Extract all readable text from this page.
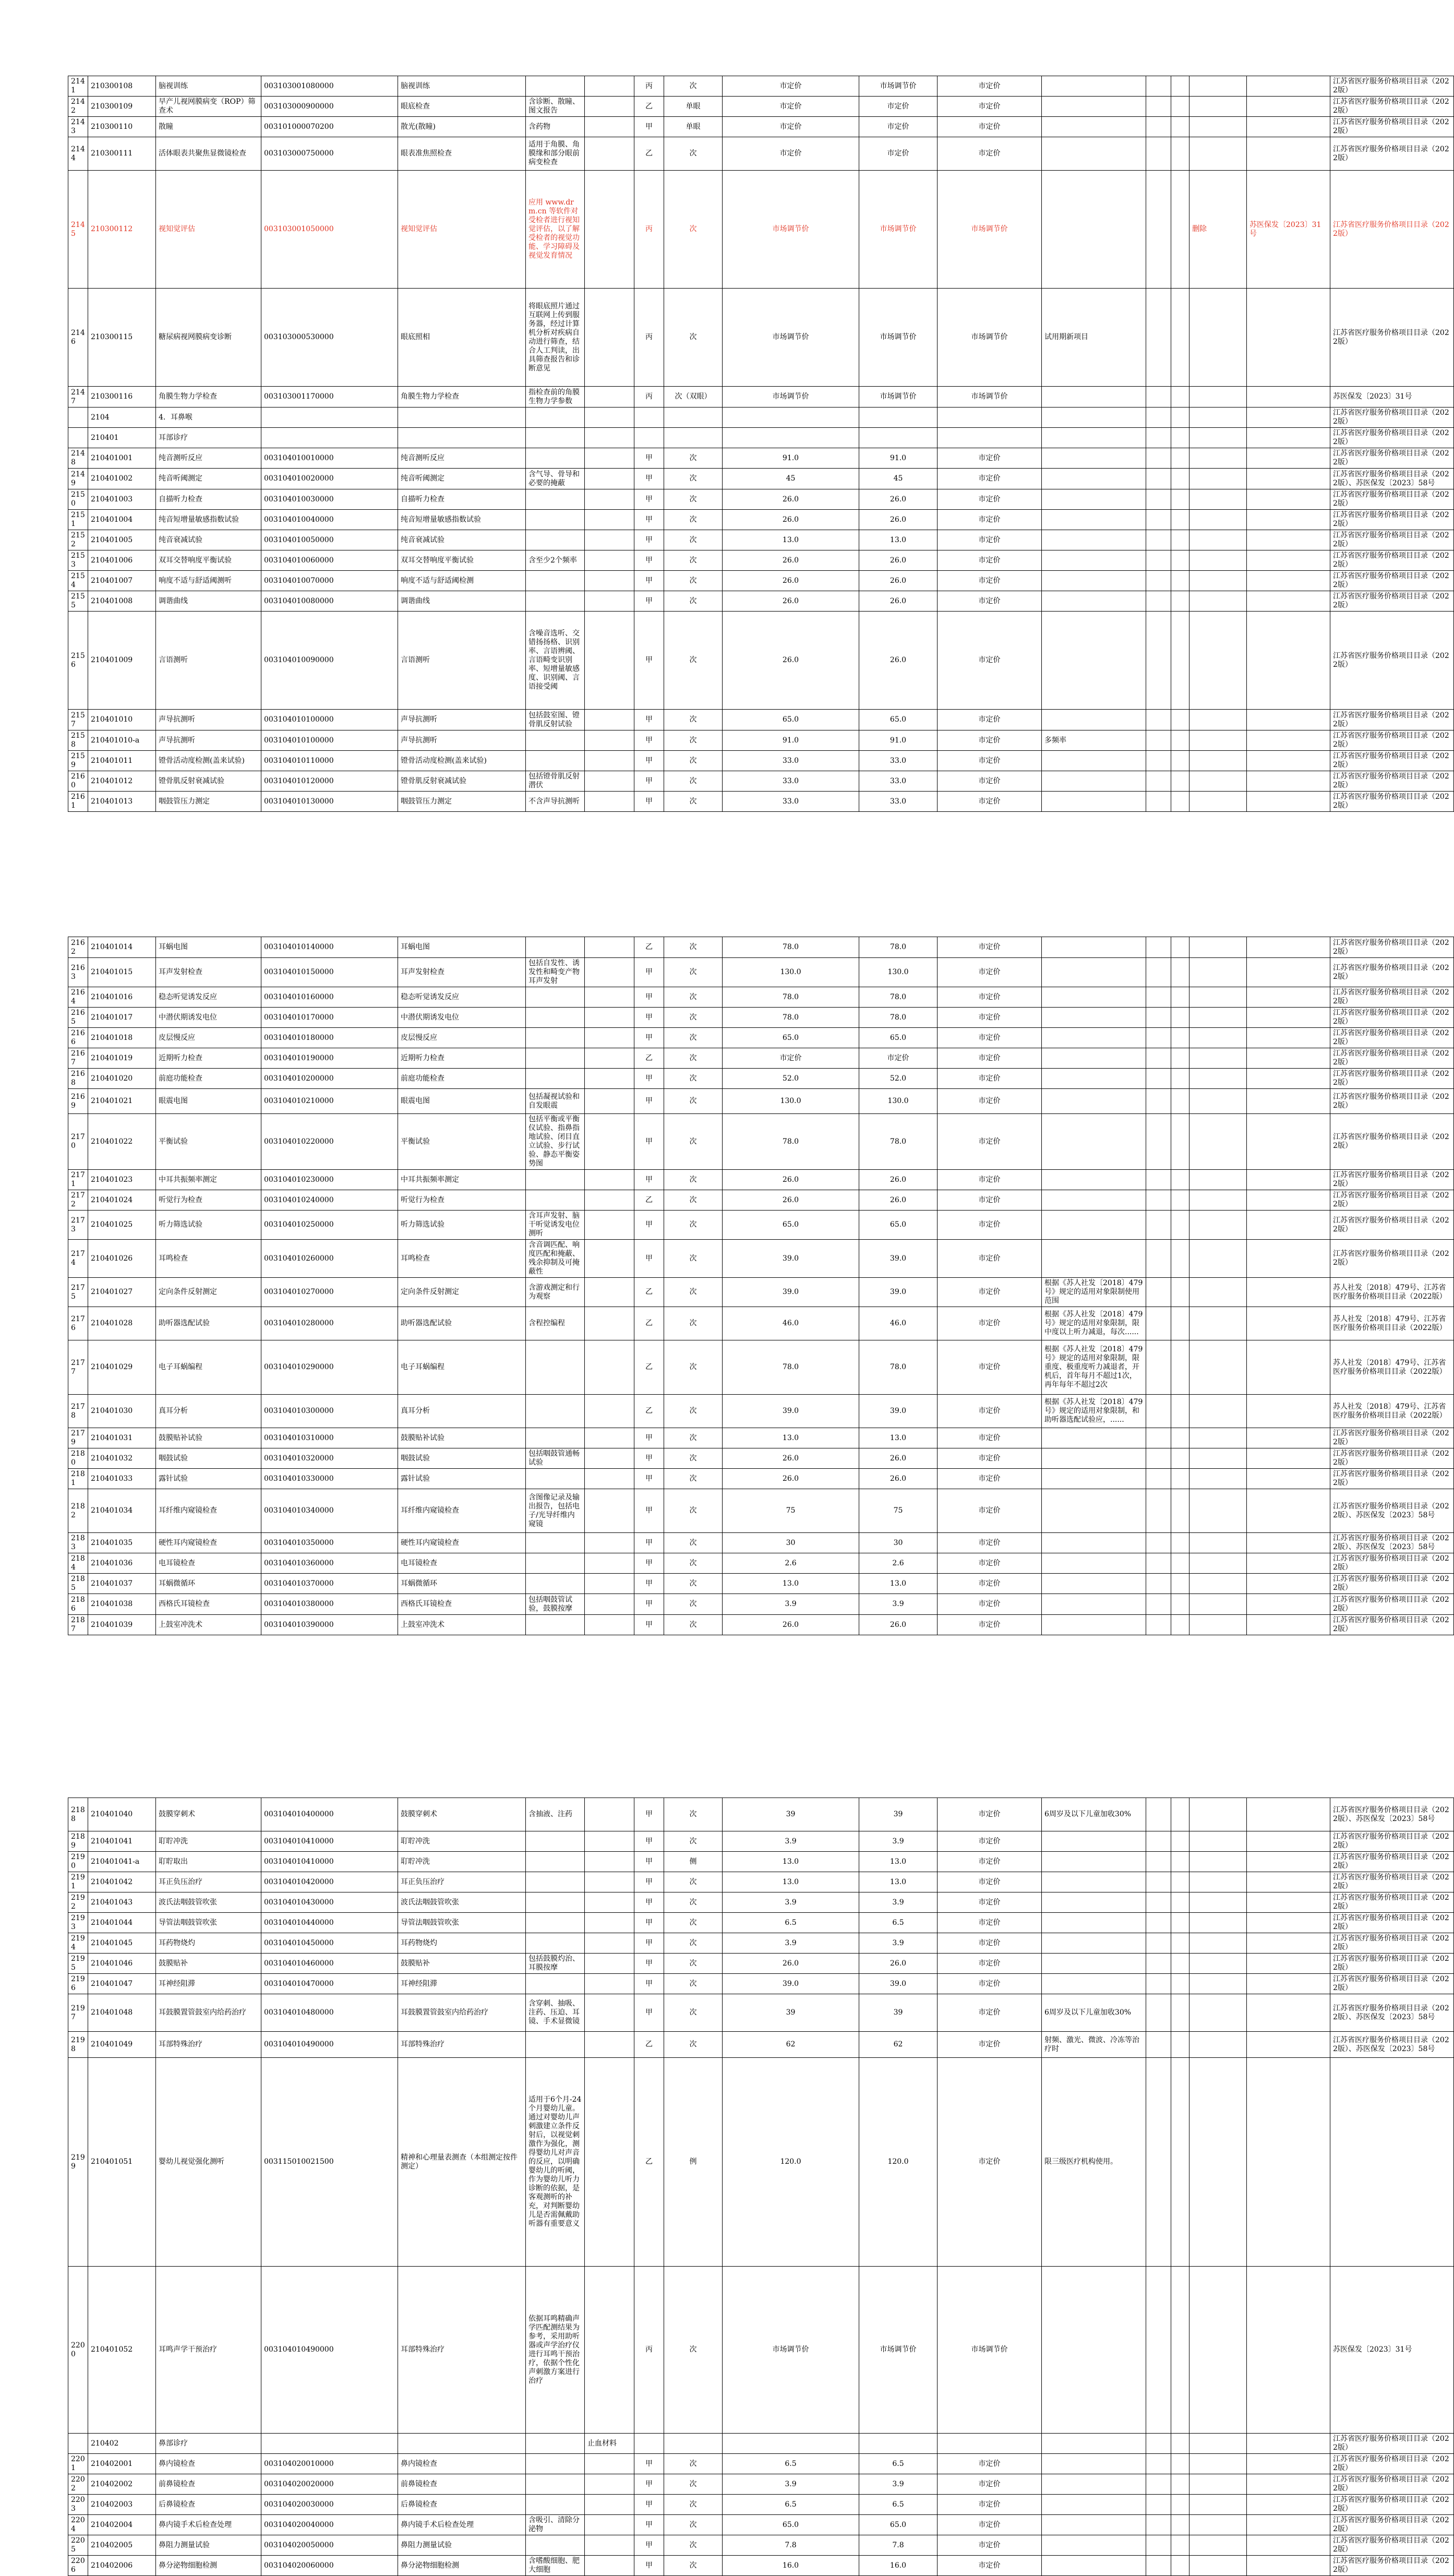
2141	210300108	脑视训练	003103001080000	脑视训练			丙	次	市定价	市场调节价	市定价						江苏省医疗服务价格项目目录（2022版）
2142	210300109	早产儿视网膜病变（ROP）筛查术	003103000900000	眼底检查	含诊断、散瞳、图文报告		乙	单眼	市定价	市定价	市定价						江苏省医疗服务价格项目目录（2022版）
2143	210300110	散瞳	003101000070200	散光(散瞳)	含药物		甲	单眼	市定价	市定价	市定价						江苏省医疗服务价格项目目录（2022版）
2144	210300111	活体眼表共聚焦显微镜检查	003103000750000	眼表准焦照检查	适用于角膜、角膜缘和部分眼前病变检查		乙	次	市定价	市定价	市定价						江苏省医疗服务价格项目目录（2022版）
2145	210300112	视知觉评估	003103001050000	视知觉评估	应用 www.drm.cn 等软件对受检者进行视知觉评估，以了解受检者的视觉功能、学习障碍及视觉发育情况		丙	次	市场调节价	市场调节价	市场调节价				删除	苏医保发〔2023〕31号	江苏省医疗服务价格项目目录（2022版）
2146	210300115	糖尿病视网膜病变诊断	003103000530000	眼底照相	将眼底照片通过互联网上传到服务器，经过计算机分析对疾病自动进行筛查，结合人工判读，出具筛查报告和诊断意见		丙	次	市场调节价	市场调节价	市场调节价	试用期新项目					江苏省医疗服务价格项目目录（2022版）
2147	210300116	角膜生物力学检查	003103001170000	角膜生物力学检查	指检查前的角膜生物力学参数		丙	次（双眼）	市场调节价	市场调节价	市场调节价						苏医保发〔2023〕31号
	2104	4．耳鼻喉															江苏省医疗服务价格项目目录（2022版）
	210401	耳部诊疗															江苏省医疗服务价格项目目录（2022版）
2148	210401001	纯音测听反应	003104010010000	纯音测听反应			甲	次	91.0	91.0	市定价						江苏省医疗服务价格项目目录（2022版）
2149	210401002	纯音听阈测定	003104010020000	纯音听阈测定	含气导、骨导和必要的掩蔽		甲	次	45	45	市定价						江苏省医疗服务价格项目目录（2022版）、苏医保发〔2023〕58号
2150	210401003	自描听力检查	003104010030000	自描听力检查			甲	次	26.0	26.0	市定价						江苏省医疗服务价格项目目录（2022版）
2151	210401004	纯音短增量敏感指数试验	003104010040000	纯音短增量敏感指数试验			甲	次	26.0	26.0	市定价						江苏省医疗服务价格项目目录（2022版）
2152	210401005	纯音衰减试验	003104010050000	纯音衰减试验			甲	次	13.0	13.0	市定价						江苏省医疗服务价格项目目录（2022版）
2153	210401006	双耳交替响度平衡试验	003104010060000	双耳交替响度平衡试验	含至少2个频率		甲	次	26.0	26.0	市定价						江苏省医疗服务价格项目目录（2022版）
2154	210401007	响度不适与舒适阈测听	003104010070000	响度不适与舒适阈检测			甲	次	26.0	26.0	市定价						江苏省医疗服务价格项目目录（2022版）
2155	210401008	调谐曲线	003104010080000	调谐曲线			甲	次	26.0	26.0	市定价						江苏省医疗服务价格项目目录（2022版）
2156	210401009	言语测听	003104010090000	言语测听	含噪音选听、交错扬扬格、识别率、言语辨阈、言语畸变识别率、短增量敏感度、识别阈、言语接受阈		甲	次	26.0	26.0	市定价						江苏省医疗服务价格项目目录（2022版）
2157	210401010	声导抗测听	003104010100000	声导抗测听	包括鼓室图、镫骨肌反射试验		甲	次	65.0	65.0	市定价						江苏省医疗服务价格项目目录（2022版）
2158	210401010-a	声导抗测听	003104010100000	声导抗测听			甲	次	91.0	91.0	市定价	多频率					江苏省医疗服务价格项目目录（2022版）
2159	210401011	镫骨活动度检测(盖来试验)	003104010110000	镫骨活动度检测(盖来试验)			甲	次	33.0	33.0	市定价						江苏省医疗服务价格项目目录（2022版）
2160	210401012	镫骨肌反射衰减试验	003104010120000	镫骨肌反射衰减试验	包括镫骨肌反射潜伏		甲	次	33.0	33.0	市定价						江苏省医疗服务价格项目目录（2022版）
2161	210401013	咽鼓管压力测定	003104010130000	咽鼓管压力测定	不含声导抗测听		甲	次	33.0	33.0	市定价						江苏省医疗服务价格项目目录（2022版）
2162	210401014	耳蜗电图	003104010140000	耳蜗电图			乙	次	78.0	78.0	市定价						江苏省医疗服务价格项目目录（2022版）
2163	210401015	耳声发射检查	003104010150000	耳声发射检查	包括自发性、诱发性和畸变产物耳声发射		甲	次	130.0	130.0	市定价						江苏省医疗服务价格项目目录（2022版）
2164	210401016	稳态听觉诱发反应	003104010160000	稳态听觉诱发反应			甲	次	78.0	78.0	市定价						江苏省医疗服务价格项目目录（2022版）
2165	210401017	中潜伏期诱发电位	003104010170000	中潜伏期诱发电位			甲	次	78.0	78.0	市定价						江苏省医疗服务价格项目目录（2022版）
2166	210401018	皮层慢反应	003104010180000	皮层慢反应			甲	次	65.0	65.0	市定价						江苏省医疗服务价格项目目录（2022版）
2167	210401019	近期听力检查	003104010190000	近期听力检查			乙	次	市定价	市定价	市定价						江苏省医疗服务价格项目目录（2022版）
2168	210401020	前庭功能检查	003104010200000	前庭功能检查			甲	次	52.0	52.0	市定价						江苏省医疗服务价格项目目录（2022版）
2169	210401021	眼震电图	003104010210000	眼震电图	包括凝视试验和自发眼震		甲	次	130.0	130.0	市定价						江苏省医疗服务价格项目目录（2022版）
2170	210401022	平衡试验	003104010220000	平衡试验	包括平衡或平衡仪试验、指鼻指地试验、闭目直立试验、步行试验、静态平衡姿势图		甲	次	78.0	78.0	市定价						江苏省医疗服务价格项目目录（2022版）
2171	210401023	中耳共振频率测定	003104010230000	中耳共振频率测定			甲	次	26.0	26.0	市定价						江苏省医疗服务价格项目目录（2022版）
2172	210401024	听觉行为检查	003104010240000	听觉行为检查			乙	次	26.0	26.0	市定价						江苏省医疗服务价格项目目录（2022版）
2173	210401025	听力筛选试验	003104010250000	听力筛选试验	含耳声发射、脑干听觉诱发电位测听		甲	次	65.0	65.0	市定价						江苏省医疗服务价格项目目录（2022版）
2174	210401026	耳鸣检查	003104010260000	耳鸣检查	含音调匹配、响度匹配和掩蔽、残余抑制及可掩蔽性		甲	次	39.0	39.0	市定价						江苏省医疗服务价格项目目录（2022版）
2175	210401027	定向条件反射测定	003104010270000	定向条件反射测定	含游戏测定和行为观察		乙	次	39.0	39.0	市定价	根据《苏人社发〔2018〕479号》规定的适用对象限制使用范围					苏人社发〔2018〕479号、江苏省医疗服务价格项目目录（2022版）
2176	210401028	助听器选配试验	003104010280000	助听器选配试验	含程控编程		乙	次	46.0	46.0	市定价	根据《苏人社发〔2018〕479号》规定的适用对象限制，限中度以上听力减退，每次......					苏人社发〔2018〕479号、江苏省医疗服务价格项目目录（2022版）
2177	210401029	电子耳蜗编程	003104010290000	电子耳蜗编程			乙	次	78.0	78.0	市定价	根据《苏人社发〔2018〕479号》规定的适用对象限制，限重度、极重度听力减退者，开机后，首年每月不超过1次，再年每年不超过2次					苏人社发〔2018〕479号、江苏省医疗服务价格项目目录（2022版）
2178	210401030	真耳分析	003104010300000	真耳分析			乙	次	39.0	39.0	市定价	根据《苏人社发〔2018〕479号》规定的适用对象限制，和助听器选配试验应，......					苏人社发〔2018〕479号、江苏省医疗服务价格项目目录（2022版）
2179	210401031	鼓膜贴补试验	003104010310000	鼓膜贴补试验			甲	次	13.0	13.0	市定价						江苏省医疗服务价格项目目录（2022版）
2180	210401032	咽鼓试验	003104010320000	咽鼓试验	包括咽鼓管通畅试验		甲	次	26.0	26.0	市定价						江苏省医疗服务价格项目目录（2022版）
2181	210401033	露针试验	003104010330000	露针试验			甲	次	26.0	26.0	市定价						江苏省医疗服务价格项目目录（2022版）
2182	210401034	耳纤维内窥镜检查	003104010340000	耳纤维内窥镜检查	含图像记录及输出报告，包括电子/光导纤维内窥镜		甲	次	75	75	市定价						江苏省医疗服务价格项目目录（2022版）、苏医保发〔2023〕58号
2183	210401035	硬性耳内窥镜检查	003104010350000	硬性耳内窥镜检查			甲	次	30	30	市定价						江苏省医疗服务价格项目目录（2022版）、苏医保发〔2023〕58号
2184	210401036	电耳镜检查	003104010360000	电耳镜检查			甲	次	2.6	2.6	市定价						江苏省医疗服务价格项目目录（2022版）
2185	210401037	耳蜗微循环	003104010370000	耳蜗微循环			甲	次	13.0	13.0	市定价						江苏省医疗服务价格项目目录（2022版）
2186	210401038	西格氏耳镜检查	003104010380000	西格氏耳镜检查	包括咽鼓管试验，鼓膜按摩		甲	次	3.9	3.9	市定价						江苏省医疗服务价格项目目录（2022版）
2187	210401039	上鼓室冲洗术	003104010390000	上鼓室冲洗术			甲	次	26.0	26.0	市定价						江苏省医疗服务价格项目目录（2022版）
2188	210401040	鼓膜穿刺术	003104010400000	鼓膜穿刺术	含抽液、注药		甲	次	39	39	市定价	6周岁及以下儿童加收30%					江苏省医疗服务价格项目目录（2022版）、苏医保发〔2023〕58号
2189	210401041	耵聍冲洗	003104010410000	耵聍冲洗			甲	次	3.9	3.9	市定价						江苏省医疗服务价格项目目录（2022版）
2190	210401041-a	耵聍取出	003104010410000	耵聍冲洗			甲	侧	13.0	13.0	市定价						江苏省医疗服务价格项目目录（2022版）
2191	210401042	耳正负压治疗	003104010420000	耳正负压治疗			甲	次	13.0	13.0	市定价						江苏省医疗服务价格项目目录（2022版）
2192	210401043	波氏法咽鼓管吹张	003104010430000	波氏法咽鼓管吹张			甲	次	3.9	3.9	市定价						江苏省医疗服务价格项目目录（2022版）
2193	210401044	导管法咽鼓管吹张	003104010440000	导管法咽鼓管吹张			甲	次	6.5	6.5	市定价						江苏省医疗服务价格项目目录（2022版）
2194	210401045	耳药物烧灼	003104010450000	耳药物烧灼			甲	次	3.9	3.9	市定价						江苏省医疗服务价格项目目录（2022版）
2195	210401046	鼓膜贴补	003104010460000	鼓膜贴补	包括鼓膜灼治、耳膜按摩		甲	次	26.0	26.0	市定价						江苏省医疗服务价格项目目录（2022版）
2196	210401047	耳神经阻滞	003104010470000	耳神经阻滞			甲	次	39.0	39.0	市定价						江苏省医疗服务价格项目目录（2022版）
2197	210401048	耳鼓膜置管鼓室内给药治疗	003104010480000	耳鼓膜置管鼓室内给药治疗	含穿刺、抽吸、注药、压迫、耳镜、手术显微镜		甲	次	39	39	市定价	6周岁及以下儿童加收30%					江苏省医疗服务价格项目目录（2022版）、苏医保发〔2023〕58号
2198	210401049	耳部特殊治疗	003104010490000	耳部特殊治疗			乙	次	62	62	市定价	射频、激光、微波、冷冻等治疗时					江苏省医疗服务价格项目目录（2022版）、苏医保发〔2023〕58号
2199	210401051	婴幼儿视觉强化测听	003115010021500	精神和心理量表测查（本组测定按件测定）	适用于6个月-24个月婴幼儿童。通过对婴幼儿声刺激建立条件反射后，以视觉刺激作为强化，测得婴幼儿对声音的反应，以明确婴幼儿的听阈，作为婴幼儿听力诊断的依据，是客观测听的补充，对判断婴幼儿是否需佩戴助听器有重要意义		乙	例	120.0	120.0	市定价	限三级医疗机构使用。					
2200	210401052	耳鸣声学干预治疗	003104010490000	耳部特殊治疗	依据耳鸣精确声学匹配测结果为参考，采用助听器或声学治疗仪进行耳鸣干预治疗，依据个性化声刺激方案进行治疗		丙	次	市场调节价	市场调节价	市场调节价						苏医保发〔2023〕31号
	210402	鼻部诊疗				止血材料											江苏省医疗服务价格项目目录（2022版）
2201	210402001	鼻内镜检查	003104020010000	鼻内镜检查			甲	次	6.5	6.5	市定价						江苏省医疗服务价格项目目录（2022版）
2202	210402002	前鼻镜检查	003104020020000	前鼻镜检查			甲	次	3.9	3.9	市定价						江苏省医疗服务价格项目目录（2022版）
2203	210402003	后鼻镜检查	003104020030000	后鼻镜检查			甲	次	6.5	6.5	市定价						江苏省医疗服务价格项目目录（2022版）
2204	210402004	鼻内镜手术后检查处理	003104020040000	鼻内镜手术后检查处理	含吸引、清除分泌物		甲	次	65.0	65.0	市定价						江苏省医疗服务价格项目目录（2022版）
2205	210402005	鼻阻力测量试验	003104020050000	鼻阻力测量试验			甲	次	7.8	7.8	市定价						江苏省医疗服务价格项目目录（2022版）
2206	210402006	鼻分泌物细胞检测	003104020060000	鼻分泌物细胞检测	含嗜酸细胞、肥大细胞		甲	次	16.0	16.0	市定价						江苏省医疗服务价格项目目录（2022版）
